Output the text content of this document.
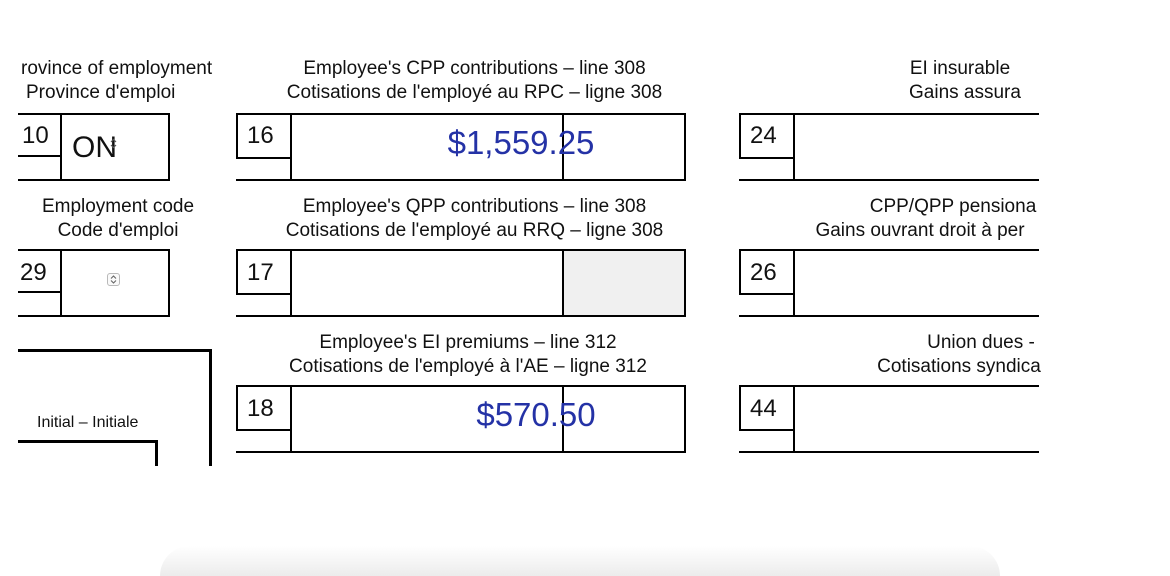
rovince of employment
Province d'emploi
10 ON
Employment code
Code d'emploi
29
Initial – Initiale
Employee's CPP contributions – line 308
Cotisations de l'employé au RPC – ligne 308
16	$1,559.25
Employee's QPP contributions – line 308
Cotisations de l'employé au RRQ – ligne 308
17
Employee's EI premiums – line 312
Cotisations de l'employé à l'AE – ligne 312
18	$570.50
EI insurable
Gains assura
24
CPP/QPP pensiona
Gains ouvrant droit à per
26
Union dues -
Cotisations syndica
44
